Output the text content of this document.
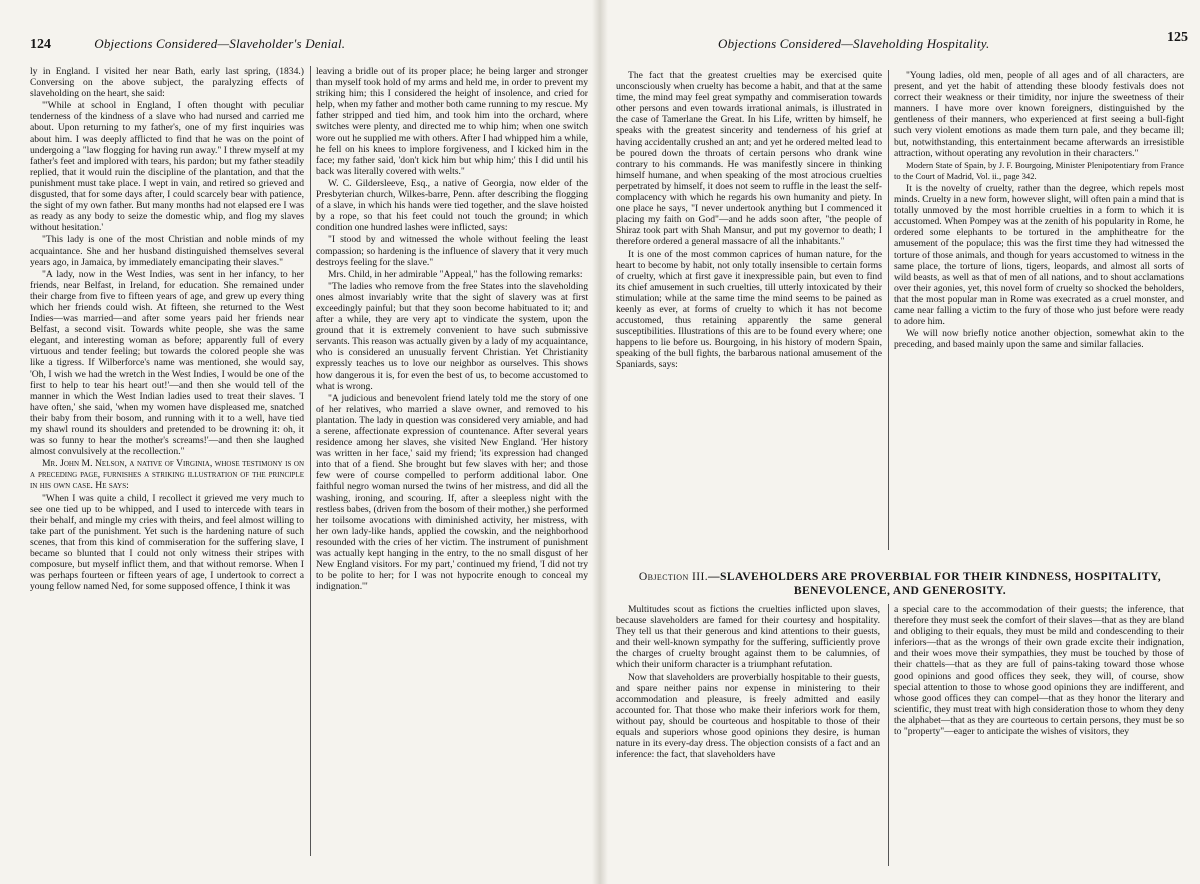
124	Objections Considered—Slaveholder's Denial.

ly in England. I visited her near Bath, early last spring, (1834.) Conversing on the above subject, the paralyzing effects of slaveholding on the heart, she said:

"'While at school in England, I often thought with peculiar tenderness of the kindness of a slave who had nursed and carried me about. Upon returning to my father's, one of my first inquiries was about him. I was deeply afflicted to find that he was on the point of undergoing a "law flogging for having run away." I threw myself at my father's feet and implored with tears, his pardon; but my father steadily replied, that it would ruin the discipline of the plantation, and that the punishment must take place. I wept in vain, and retired so grieved and disgusted, that for some days after, I could scarcely bear with patience, the sight of my own father. But many months had not elapsed ere I was as ready as any body to seize the domestic whip, and flog my slaves without hesitation.'

"This lady is one of the most Christian and noble minds of my acquaintance. She and her husband distinguished themselves several years ago, in Jamaica, by immediately emancipating their slaves."

"A lady, now in the West Indies, was sent in her infancy, to her friends, near Belfast, in Ireland, for education. She remained under their charge from five to fifteen years of age, and grew up every thing which her friends could wish. At fifteen, she returned to the West Indies—was married—and after some years paid her friends near Belfast, a second visit. Towards white people, she was the same elegant, and interesting woman as before; apparently full of every virtuous and tender feeling; but towards the colored people she was like a tigress. If Wilberforce's name was mentioned, she would say, 'Oh, I wish we had the wretch in the West Indies, I would be one of the first to help to tear his heart out!'—and then she would tell of the manner in which the West Indian ladies used to treat their slaves. 'I have often,' she said, 'when my women have displeased me, snatched their baby from their bosom, and running with it to a well, have tied my shawl round its shoulders and pretended to be drowning it: oh, it was so funny to hear the mother's screams!'—and then she laughed almost convulsively at the recollection."

Mr. John M. Nelson, a native of Virginia, whose testimony is on a preceding page, furnishes a striking illustration of the principle in his own case. He says:

"When I was quite a child, I recollect it grieved me very much to see one tied up to be whipped, and I used to intercede with tears in their behalf, and mingle my cries with theirs, and feel almost willing to take part of the punishment. Yet such is the hardening nature of such scenes, that from this kind of commiseration for the suffering slave, I became so blunted that I could not only witness their stripes with composure, but myself inflict them, and that without remorse. When I was perhaps fourteen or fifteen years of age, I undertook to correct a young fellow named Ned, for some supposed offence, I think it was

leaving a bridle out of its proper place; he being larger and stronger than myself took hold of my arms and held me, in order to prevent my striking him; this I considered the height of insolence, and cried for help, when my father and mother both came running to my rescue. My father stripped and tied him, and took him into the orchard, where switches were plenty, and directed me to whip him; when one switch wore out he supplied me with others. After I had whipped him a while, he fell on his knees to implore forgiveness, and I kicked him in the face; my father said, 'don't kick him but whip him;' this I did until his back was literally covered with welts."

W. C. Gildersleeve, Esq., a native of Georgia, now elder of the Presbyterian church, Wilkes-barre, Penn. after describing the flogging of a slave, in which his hands were tied together, and the slave hoisted by a rope, so that his feet could not touch the ground; in which condition one hundred lashes were inflicted, says:

"I stood by and witnessed the whole without feeling the least compassion; so hardening is the influence of slavery that it very much destroys feeling for the slave."

Mrs. Child, in her admirable "Appeal," has the following remarks:

"The ladies who remove from the free States into the slaveholding ones almost invariably write that the sight of slavery was at first exceedingly painful; but that they soon become habituated to it; and after a while, they are very apt to vindicate the system, upon the ground that it is extremely convenient to have such submissive servants. This reason was actually given by a lady of my acquaintance, who is considered an unusually fervent Christian. Yet Christianity expressly teaches us to love our neighbor as ourselves. This shows how dangerous it is, for even the best of us, to become accustomed to what is wrong.

"A judicious and benevolent friend lately told me the story of one of her relatives, who married a slave owner, and removed to his plantation. The lady in question was considered very amiable, and had a serene, affectionate expression of countenance. After several years residence among her slaves, she visited New England. 'Her history was written in her face,' said my friend; 'its expression had changed into that of a fiend. She brought but few slaves with her; and those few were of course compelled to perform additional labor. One faithful negro woman nursed the twins of her mistress, and did all the washing, ironing, and scouring. If, after a sleepless night with the restless babes, (driven from the bosom of their mother,) she performed her toilsome avocations with diminished activity, her mistress, with her own lady-like hands, applied the cowskin, and the neighborhood resounded with the cries of her victim. The instrument of punishment was actually kept hanging in the entry, to the no small disgust of her New England visitors. For my part,' continued my friend, 'I did not try to be polite to her; for I was not hypocrite enough to conceal my indignation.'"

Objections Considered—Slaveholding Hospitality.	125

The fact that the greatest cruelties may be exercised quite unconsciously when cruelty has become a habit, and that at the same time, the mind may feel great sympathy and commiseration towards other persons and even towards irrational animals, is illustrated in the case of Tamerlane the Great. In his Life, written by himself, he speaks with the greatest sincerity and tenderness of his grief at having accidentally crushed an ant; and yet he ordered melted lead to be poured down the throats of certain persons who drank wine contrary to his commands. He was manifestly sincere in thinking himself humane, and when speaking of the most atrocious cruelties perpetrated by himself, it does not seem to ruffle in the least the self-complacency with which he regards his own humanity and piety. In one place he says, "I never undertook anything but I commenced it placing my faith on God"—and he adds soon after, "the people of Shiraz took part with Shah Mansur, and put my governor to death; I therefore ordered a general massacre of all the inhabitants."

It is one of the most common caprices of human nature, for the heart to become by habit, not only totally insensible to certain forms of cruelty, which at first gave it inexpressible pain, but even to find its chief amusement in such cruelties, till utterly intoxicated by their stimulation; while at the same time the mind seems to be pained as keenly as ever, at forms of cruelty to which it has not become accustomed, thus retaining apparently the same general susceptibilities. Illustrations of this are to be found every where; one happens to lie before us. Bourgoing, in his history of modern Spain, speaking of the bull fights, the barbarous national amusement of the Spaniards, says:

"Young ladies, old men, people of all ages and of all characters, are present, and yet the habit of attending these bloody festivals does not correct their weakness or their timidity, nor injure the sweetness of their manners. I have more over known foreigners, distinguished by the gentleness of their manners, who experienced at first seeing a bull-fight such very violent emotions as made them turn pale, and they became ill; but, notwithstanding, this entertainment became afterwards an irresistible attraction, without operating any revolution in their characters."

Modern State of Spain, by J. F. Bourgoing, Minister Plenipotentiary from France to the Court of Madrid, Vol. ii., page 342.

It is the novelty of cruelty, rather than the degree, which repels most minds. Cruelty in a new form, however slight, will often pain a mind that is totally unmoved by the most horrible cruelties in a form to which it is accustomed. When Pompey was at the zenith of his popularity in Rome, he ordered some elephants to be tortured in the amphitheatre for the amusement of the populace; this was the first time they had witnessed the torture of those animals, and though for years accustomed to witness in the same place, the torture of lions, tigers, leopards, and almost all sorts of wild beasts, as well as that of men of all nations, and to shout acclamations over their agonies, yet, this novel form of cruelty so shocked the beholders, that the most popular man in Rome was execrated as a cruel monster, and came near falling a victim to the fury of those who just before were ready to adore him.

We will now briefly notice another objection, somewhat akin to the preceding, and based mainly upon the same and similar fallacies.

Objection III.—SLAVEHOLDERS ARE PROVERBIAL FOR THEIR KINDNESS, HOSPITALITY, BENEVOLENCE, AND GENEROSITY.

Multitudes scout as fictions the cruelties inflicted upon slaves, because slaveholders are famed for their courtesy and hospitality. They tell us that their generous and kind attentions to their guests, and their well-known sympathy for the suffering, sufficiently prove the charges of cruelty brought against them to be calumnies, of which their uniform character is a triumphant refutation.

Now that slaveholders are proverbially hospitable to their guests, and spare neither pains nor expense in ministering to their accommodation and pleasure, is freely admitted and easily accounted for. That those who make their inferiors work for them, without pay, should be courteous and hospitable to those of their equals and superiors whose good opinions they desire, is human nature in its every-day dress. The objection consists of a fact and an inference: the fact, that slaveholders have

a special care to the accommodation of their guests; the inference, that therefore they must seek the comfort of their slaves—that as they are bland and obliging to their equals, they must be mild and condescending to their inferiors—that as the wrongs of their own grade excite their indignation, and their woes move their sympathies, they must be touched by those of their chattels—that as they are full of pains-taking toward those whose good opinions and good offices they seek, they will, of course, show special attention to those to whose good opinions they are indifferent, and whose good offices they can compel—that as they honor the literary and scientific, they must treat with high consideration those to whom they deny the alphabet—that as they are courteous to certain persons, they must be so to "property"—eager to anticipate the wishes of visitors, they
